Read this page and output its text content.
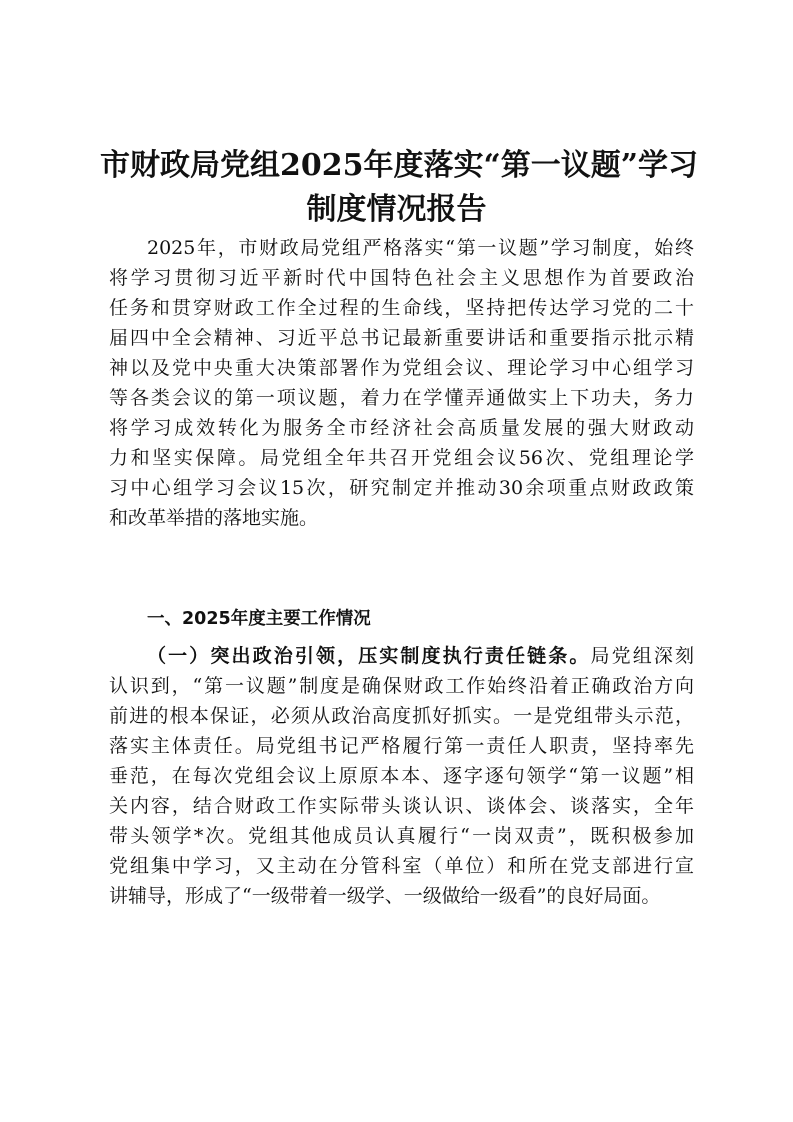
市财政局党组2025年度落实“第一议题”学习
制度情况报告
2025年，市财政局党组严格落实“第一议题”学习制度，始终
将学习贯彻习近平新时代中国特色社会主义思想作为首要政治
任务和贯穿财政工作全过程的生命线，坚持把传达学习党的二十
届四中全会精神、习近平总书记最新重要讲话和重要指示批示精
神以及党中央重大决策部署作为党组会议、理论学习中心组学习
等各类会议的第一项议题，着力在学懂弄通做实上下功夫，务力
将学习成效转化为服务全市经济社会高质量发展的强大财政动
力和坚实保障。局党组全年共召开党组会议56次、党组理论学
习中心组学习会议15次，研究制定并推动30余项重点财政政策
和改革举措的落地实施。
一、2025年度主要工作情况
（一）突出政治引领，压实制度执行责任链条。局党组深刻
认识到，“第一议题”制度是确保财政工作始终沿着正确政治方向
前进的根本保证，必须从政治高度抓好抓实。一是党组带头示范，
落实主体责任。局党组书记严格履行第一责任人职责，坚持率先
垂范，在每次党组会议上原原本本、逐字逐句领学“第一议题”相
关内容，结合财政工作实际带头谈认识、谈体会、谈落实，全年
带头领学*次。党组其他成员认真履行“一岗双责”，既积极参加
党组集中学习，又主动在分管科室（单位）和所在党支部进行宣
讲辅导，形成了“一级带着一级学、一级做给一级看”的良好局面。
